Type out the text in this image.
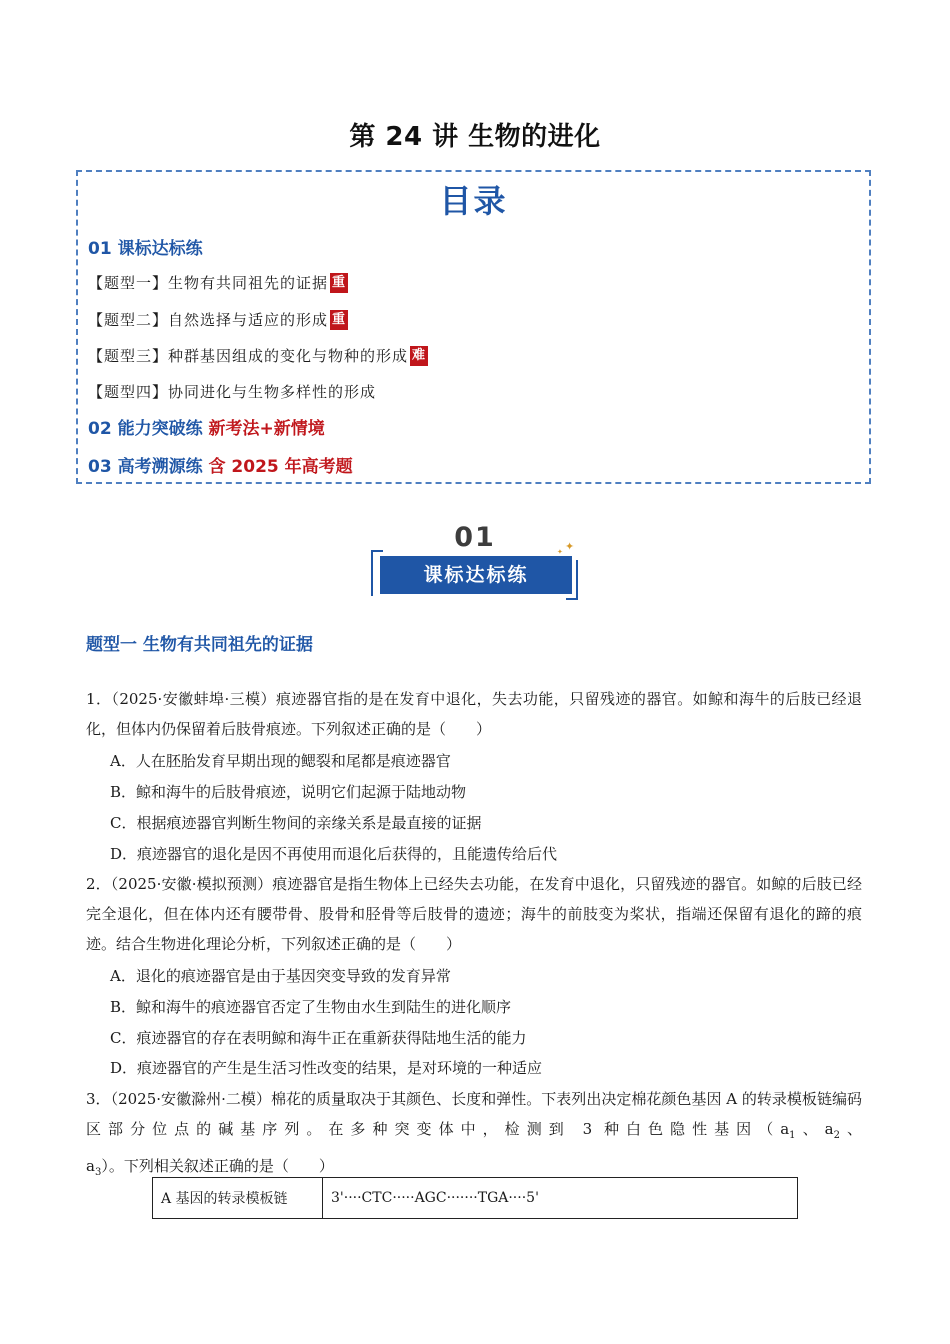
第 24 讲 生物的进化
目录
01 课标达标练
【题型一】生物有共同祖先的证据 重
【题型二】自然选择与适应的形成 重
【题型三】种群基因组成的变化与物种的形成 难
【题型四】协同进化与生物多样性的形成
02 能力突破练 新考法+新情境
03 高考溯源练 含 2025 年高考题
01
课标达标练
✦
✦
题型一 生物有共同祖先的证据
1．（2025·安徽蚌埠·三模）痕迹器官指的是在发育中退化，失去功能，只留残迹的器官。如鲸和海牛的后肢已经退化，但体内仍保留着后肢骨痕迹。下列叙述正确的是（　　）
A．人在胚胎发育早期出现的鳃裂和尾都是痕迹器官
B．鲸和海牛的后肢骨痕迹，说明它们起源于陆地动物
C．根据痕迹器官判断生物间的亲缘关系是最直接的证据
D．痕迹器官的退化是因不再使用而退化后获得的，且能遗传给后代
2．（2025·安徽·模拟预测）痕迹器官是指生物体上已经失去功能，在发育中退化，只留残迹的器官。如鲸的后肢已经完全退化，但在体内还有腰带骨、股骨和胫骨等后肢骨的遗迹；海牛的前肢变为桨状，指端还保留有退化的蹄的痕迹。结合生物进化理论分析，下列叙述正确的是（　　）
A．退化的痕迹器官是由于基因突变导致的发育异常
B．鲸和海牛的痕迹器官否定了生物由水生到陆生的进化顺序
C．痕迹器官的存在表明鲸和海牛正在重新获得陆地生活的能力
D．痕迹器官的产生是生活习性改变的结果，是对环境的一种适应
3．（2025·安徽滁州·二模）棉花的质量取决于其颜色、长度和弹性。下表列出决定棉花颜色基因 A 的转录模板链编码区部分位点的碱基序列。在多种突变体中，检测到 3 种白色隐性基因（$a_1$、$a_2$、$a_3$）。下列相关叙述正确的是（　　）
A 基因的转录模板链	3'····CTC·····AGC·······TGA····5'
